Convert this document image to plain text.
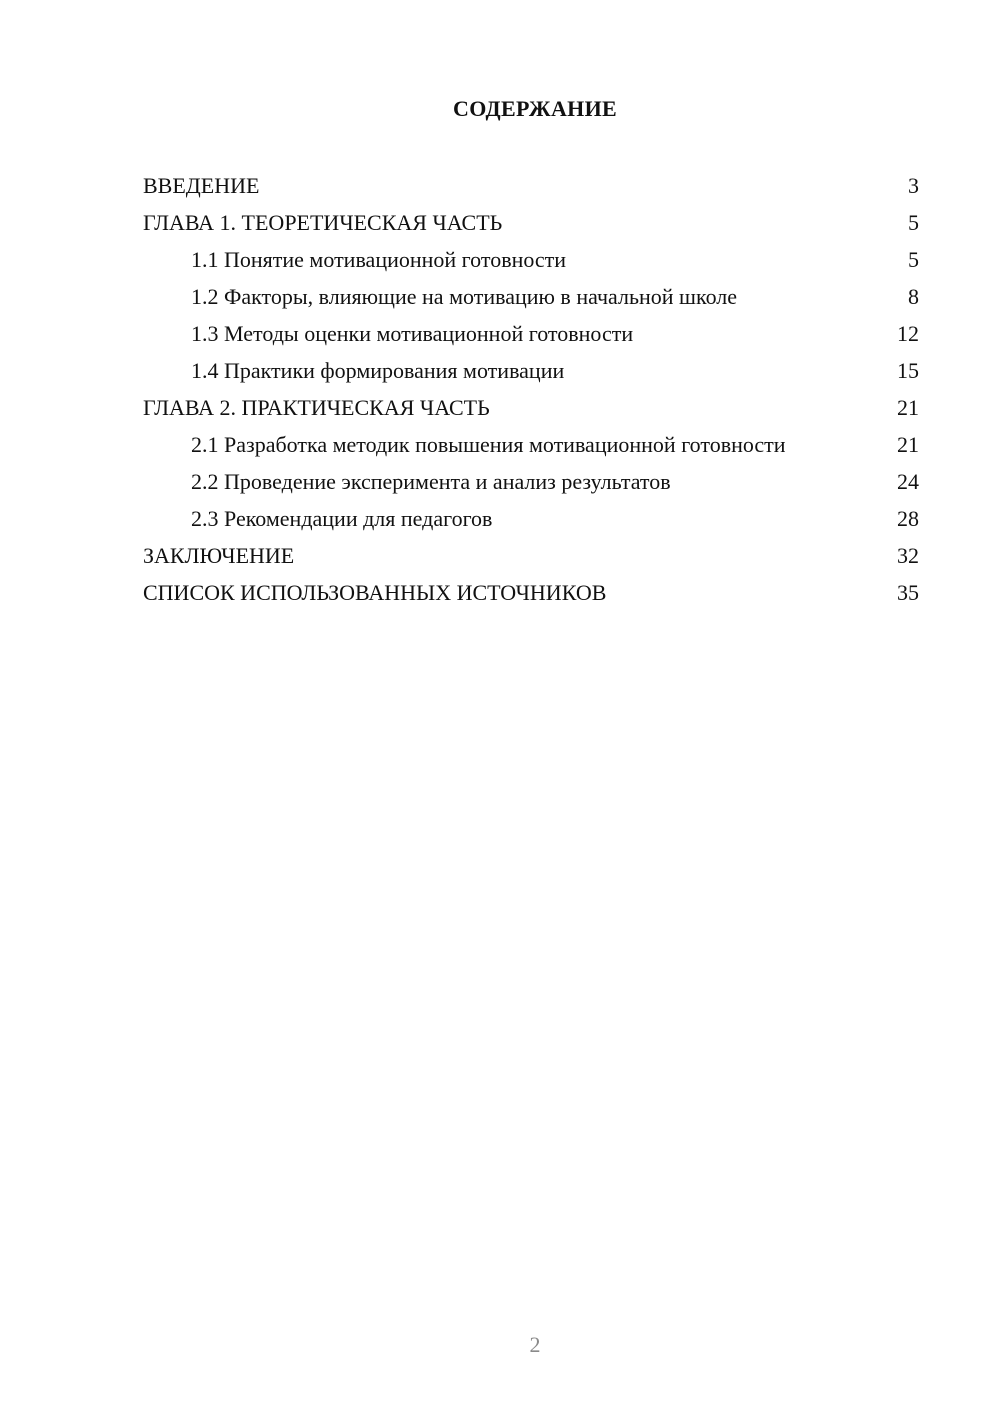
СОДЕРЖАНИЕ
ВВЕДЕНИЕ	3
ГЛАВА 1. ТЕОРЕТИЧЕСКАЯ ЧАСТЬ	5
1.1 Понятие мотивационной готовности	5
1.2 Факторы, влияющие на мотивацию в начальной школе	8
1.3 Методы оценки мотивационной готовности	12
1.4 Практики формирования мотивации	15
ГЛАВА 2. ПРАКТИЧЕСКАЯ ЧАСТЬ	21
2.1 Разработка методик повышения мотивационной готовности	21
2.2 Проведение эксперимента и анализ результатов	24
2.3 Рекомендации для педагогов	28
ЗАКЛЮЧЕНИЕ	32
СПИСОК ИСПОЛЬЗОВАННЫХ ИСТОЧНИКОВ	35
2
